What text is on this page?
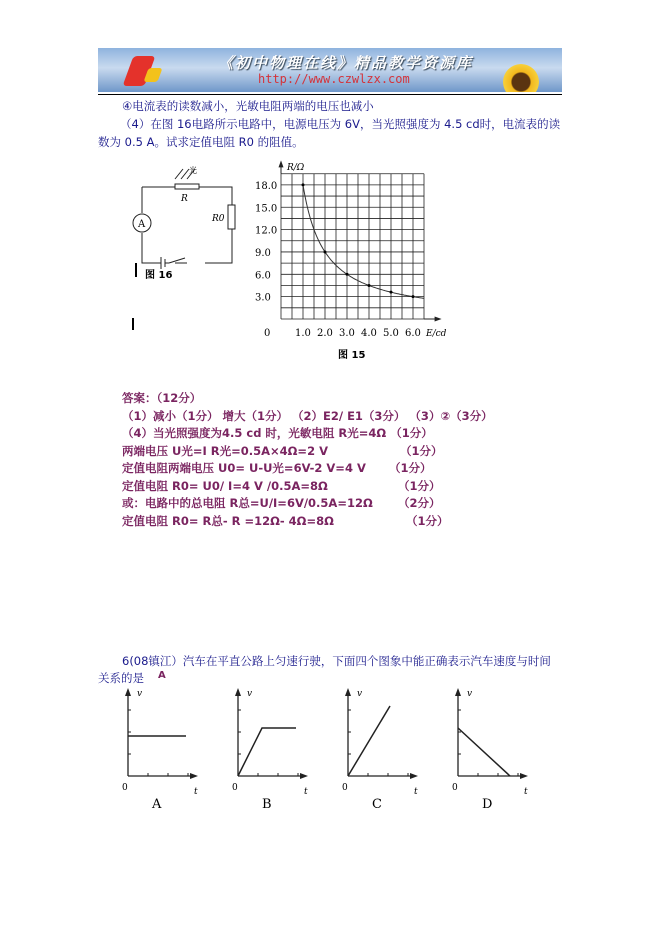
《初中物理在线》精品教学资源库
http://www.czwlzx.com
④电流表的读数减小，光敏电阻两端的电压也减小
（4）在图 16电路所示电路中，电源电压为 6V，当光照强度为 4.5 cd时，电流表的读
数为 0.5 A。试求定值电阻 R0 的阻值。
A
光
R
R0
图 16
18.0
15.0
12.0
9.0
6.0
3.0
1.0 2.0 3.0 4.0 5.0 6.0
0
R/Ω
E/cd
图 15
答案：（12分）
（1）减小（1分） 增大（1分） （2）E2/ E1（3分） （3）②（3分）
（4）当光照强度为4.5 cd 时，光敏电阻 R光=4Ω （1分）
两端电压 U光=I R光=0.5A×4Ω=2 V
定值电阻两端电压 U0= U-U光=6V-2 V=4 V
定值电阻 R0= U0/ I=4 V /0.5A=8Ω
或：电路中的总电阻 R总=U/I=6V/0.5A=12Ω
定值电阻 R0= R总- R =12Ω- 4Ω=8Ω
（1分）
（1分）
（1分）
（2分）
（1分）
6(08镇江）汽车在平直公路上匀速行驶，下面四个图象中能正确表示汽车速度与时间
关系的是 A
v
0	t
A
v
0	t
B
v
0	t
C
v
0	t
D
